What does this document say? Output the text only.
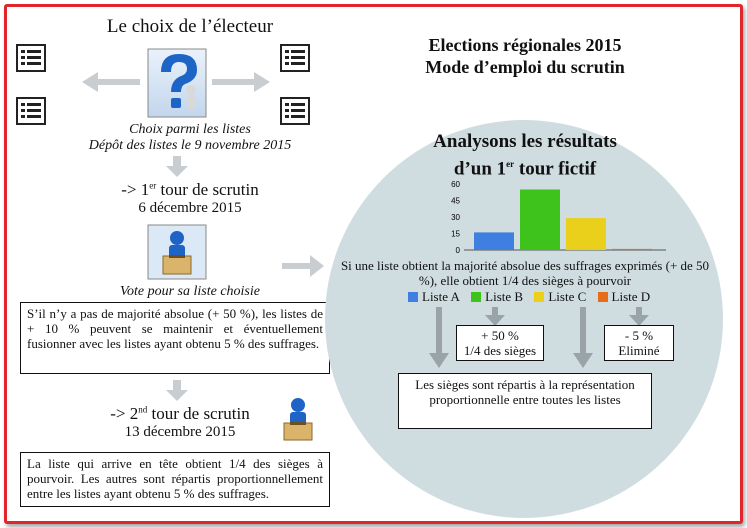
Le choix de l’électeur
Choix parmi les listes
Dépôt des listes le 9 novembre 2015
-> 1er tour de scrutin
6 décembre 2015
Vote pour sa liste choisie
S’il n’y a pas de majorité absolue (+ 50 %), les listes de + 10 % peuvent se maintenir et éventuellement fusionner avec les listes ayant obtenu 5 % des suffrages.
-> 2nd tour de scrutin
13 décembre 2015
La liste qui arrive en tête obtient 1/4 des sièges à pourvoir. Les autres sont répartis proportionnellement entre les listes ayant obtenu 5 % des suffrages.
Elections régionales 2015
Mode d’emploi du scrutin
Analysons les résultats
d’un 1er tour fictif
0
15
30
45
60
Si une liste obtient la majorité absolue des suffrages exprimés (+ de 50 %), elle obtient 1/4 des sièges à pourvoir
Liste A
Liste B
Liste C
Liste D
+ 50 %
1/4 des sièges
- 5 %
Eliminé
Les sièges sont répartis à la représentation proportionnelle entre toutes les listes
